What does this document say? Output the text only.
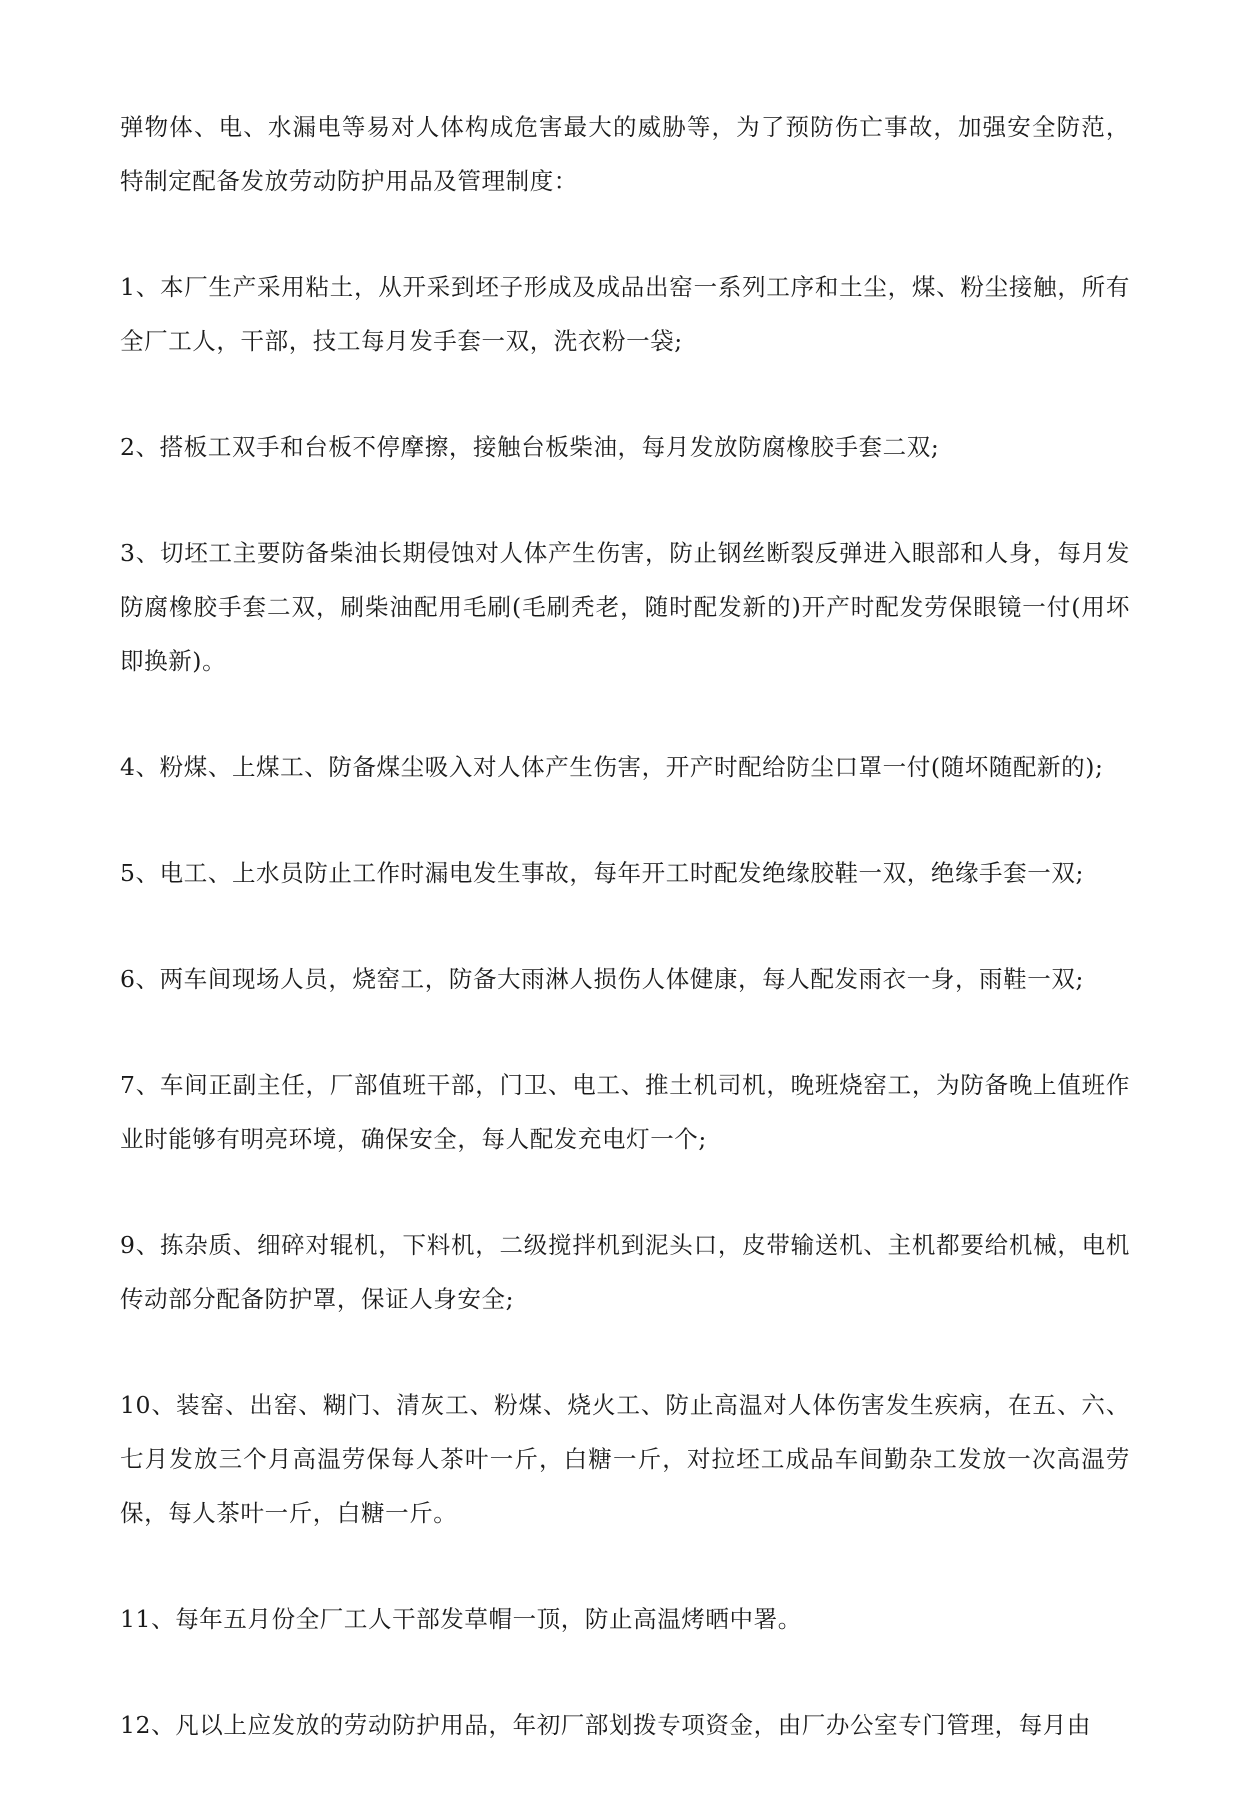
弹物体、电、水漏电等易对人体构成危害最大的威胁等，为了预防伤亡事故，加强安全防范，特制定配备发放劳动防护用品及管理制度：

1、本厂生产采用粘土，从开采到坯子形成及成品出窑一系列工序和土尘，煤、粉尘接触，所有全厂工人，干部，技工每月发手套一双，洗衣粉一袋;

2、搭板工双手和台板不停摩擦，接触台板柴油，每月发放防腐橡胶手套二双;

3、切坯工主要防备柴油长期侵蚀对人体产生伤害，防止钢丝断裂反弹进入眼部和人身，每月发防腐橡胶手套二双，刷柴油配用毛刷(毛刷秃老，随时配发新的)开产时配发劳保眼镜一付(用坏即换新)。

4、粉煤、上煤工、防备煤尘吸入对人体产生伤害，开产时配给防尘口罩一付(随坏随配新的);

5、电工、上水员防止工作时漏电发生事故，每年开工时配发绝缘胶鞋一双，绝缘手套一双;

6、两车间现场人员，烧窑工，防备大雨淋人损伤人体健康，每人配发雨衣一身，雨鞋一双;

7、车间正副主任，厂部值班干部，门卫、电工、推土机司机，晚班烧窑工，为防备晚上值班作业时能够有明亮环境，确保安全，每人配发充电灯一个;

9、拣杂质、细碎对辊机，下料机，二级搅拌机到泥头口，皮带输送机、主机都要给机械，电机传动部分配备防护罩，保证人身安全;

10、装窑、出窑、糊门、清灰工、粉煤、烧火工、防止高温对人体伤害发生疾病，在五、六、七月发放三个月高温劳保每人茶叶一斤，白糖一斤，对拉坯工成品车间勤杂工发放一次高温劳保，每人茶叶一斤，白糖一斤。

11、每年五月份全厂工人干部发草帽一顶，防止高温烤晒中署。

12、凡以上应发放的劳动防护用品，年初厂部划拨专项资金，由厂办公室专门管理，每月由
